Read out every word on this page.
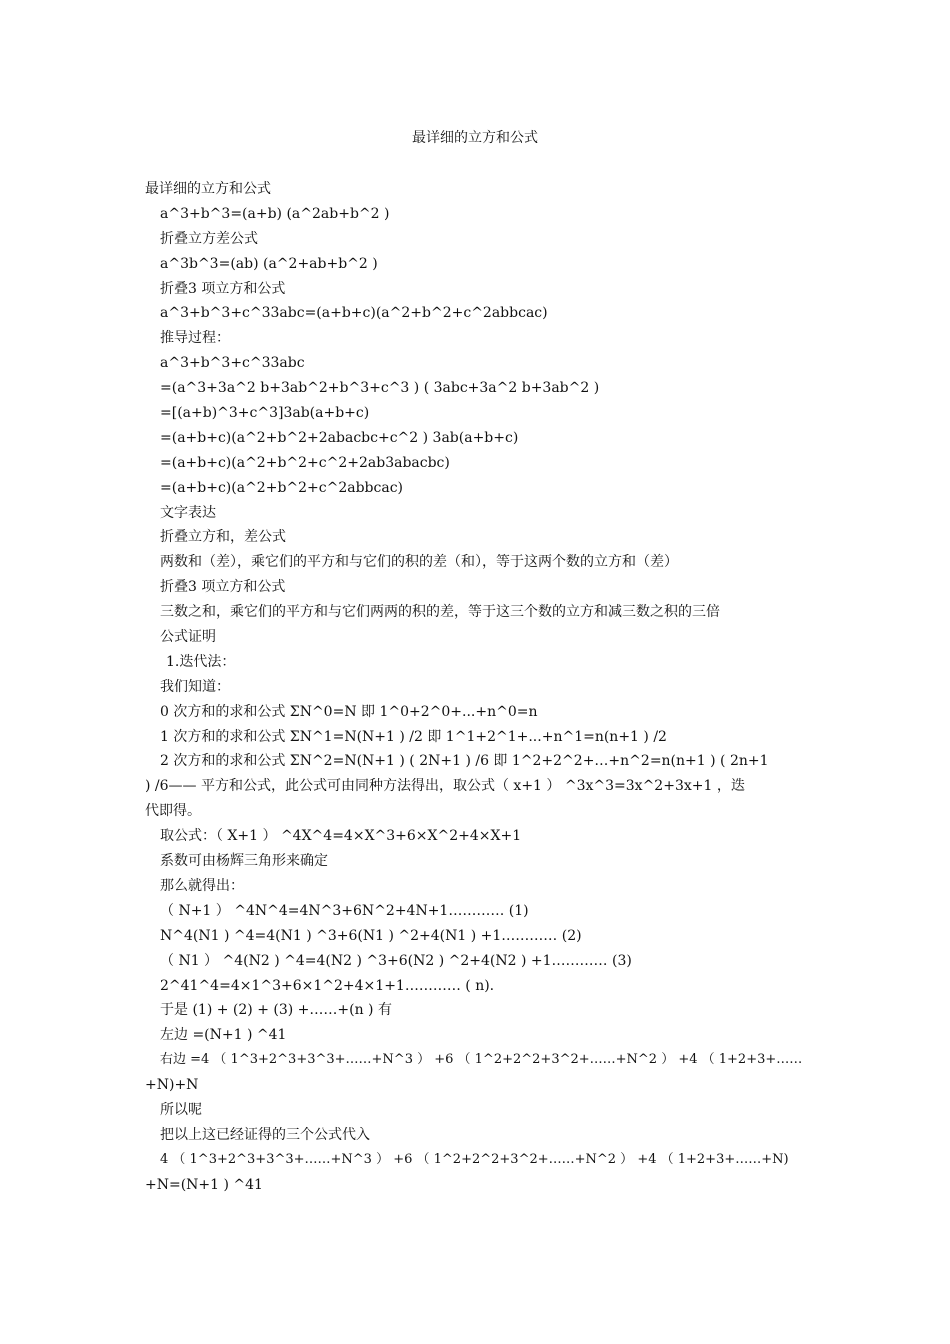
最详细的立方和公式
最详细的立方和公式
a^3+b^3=(a+b) (a^2ab+b^2 )
折叠立方差公式
a^3b^3=(ab) (a^2+ab+b^2 )
折叠3 项立方和公式
a^3+b^3+c^33abc=(a+b+c)(a^2+b^2+c^2abbcac)
推导过程：
a^3+b^3+c^33abc
=(a^3+3a^2 b+3ab^2+b^3+c^3 ) ( 3abc+3a^2 b+3ab^2 )
=[(a+b)^3+c^3]3ab(a+b+c)
=(a+b+c)(a^2+b^2+2abacbc+c^2 ) 3ab(a+b+c)
=(a+b+c)(a^2+b^2+c^2+2ab3abacbc)
=(a+b+c)(a^2+b^2+c^2abbcac)
文字表达
折叠立方和，差公式
两数和（差），乘它们的平方和与它们的积的差（和），等于这两个数的立方和（差）
折叠3 项立方和公式
三数之和，乘它们的平方和与它们两两的积的差，等于这三个数的立方和减三数之积的三倍
公式证明
1.迭代法：
我们知道：
0 次方和的求和公式 ΣN^0=N 即 1^0+2^0+...+n^0=n
1 次方和的求和公式 ΣN^1=N(N+1 ) /2 即 1^1+2^1+...+n^1=n(n+1 ) /2
2 次方和的求和公式 ΣN^2=N(N+1 ) ( 2N+1 ) /6 即 1^2+2^2+…+n^2=n(n+1 ) ( 2n+1
) /6—— 平方和公式，此公式可由同种方法得出，取公式（ x+1 ） ^3x^3=3x^2+3x+1 ，迭
代即得。
取公式：（ X+1 ） ^4X^4=4×X^3+6×X^2+4×X+1
系数可由杨辉三角形来确定
那么就得出：
（ N+1 ） ^4N^4=4N^3+6N^2+4N+1………… (1)
N^4(N1 ) ^4=4(N1 ) ^3+6(N1 ) ^2+4(N1 ) +1………… (2)
（ N1 ） ^4(N2 ) ^4=4(N2 ) ^3+6(N2 ) ^2+4(N2 ) +1………… (3)
2^41^4=4×1^3+6×1^2+4×1+1………… ( n).
于是 (1) + (2) + (3) +……+(n ) 有
左边 =(N+1 ) ^41
右边 =4 （ 1^3+2^3+3^3+……+N^3 ） +6 （ 1^2+2^2+3^2+……+N^2 ） +4 （ 1+2+3+……
+N)+N
所以呢
把以上这已经证得的三个公式代入
4 （ 1^3+2^3+3^3+……+N^3 ） +6 （ 1^2+2^2+3^2+……+N^2 ） +4 （ 1+2+3+……+N)
+N=(N+1 ) ^41
